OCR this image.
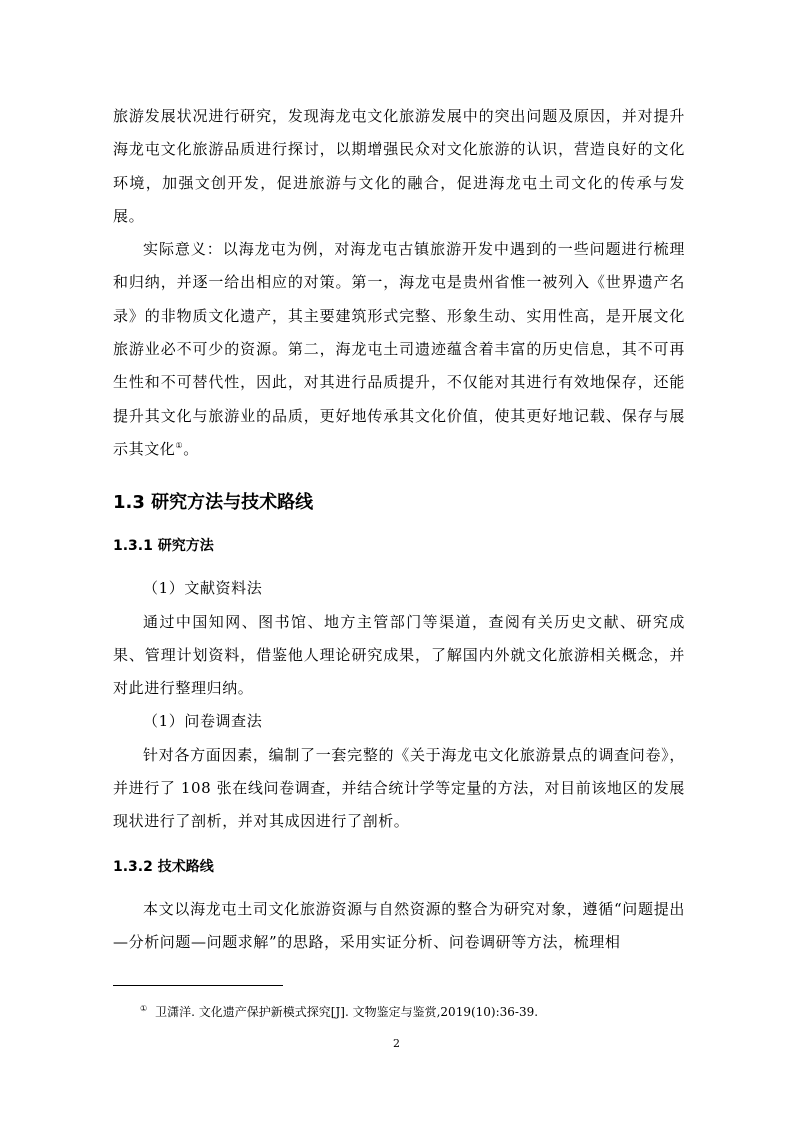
旅游发展状况进行研究，发现海龙屯文化旅游发展中的突出问题及原因，并对提升海龙屯文化旅游品质进行探讨，以期增强民众对文化旅游的认识，营造良好的文化环境，加强文创开发，促进旅游与文化的融合，促进海龙屯土司文化的传承与发展。

实际意义：以海龙屯为例，对海龙屯古镇旅游开发中遇到的一些问题进行梳理和归纳，并逐一给出相应的对策。第一，海龙屯是贵州省惟一被列入《世界遗产名录》的非物质文化遗产，其主要建筑形式完整、形象生动、实用性高，是开展文化旅游业必不可少的资源。第二，海龙屯土司遗迹蕴含着丰富的历史信息，其不可再生性和不可替代性，因此，对其进行品质提升，不仅能对其进行有效地保存，还能提升其文化与旅游业的品质，更好地传承其文化价值，使其更好地记载、保存与展示其文化①。

1.3 研究方法与技术路线
1.3.1 研究方法

（1）文献资料法

通过中国知网、图书馆、地方主管部门等渠道，查阅有关历史文献、研究成果、管理计划资料，借鉴他人理论研究成果，了解国内外就文化旅游相关概念，并对此进行整理归纳。

（1）问卷调查法

针对各方面因素，编制了一套完整的《关于海龙屯文化旅游景点的调查问卷》，并进行了 108 张在线问卷调查，并结合统计学等定量的方法，对目前该地区的发展现状进行了剖析，并对其成因进行了剖析。

1.3.2 技术路线

本文以海龙屯土司文化旅游资源与自然资源的整合为研究对象，遵循“问题提出—分析问题—问题求解”的思路，采用实证分析、问卷调研等方法，梳理相

① 卫潇洋. 文化遗产保护新模式探究[J]. 文物鉴定与鉴赏,2019(10):36-39.
2
